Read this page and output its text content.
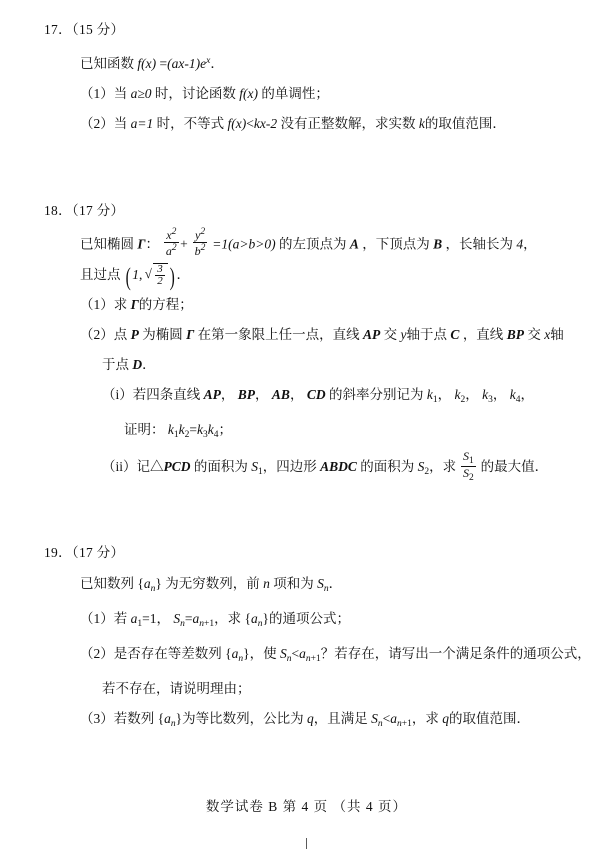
17．（15 分）
已知函数 $f(x) =(ax-1)e^x$．
（1）当 a≥0 时，讨论函数 f(x) 的单调性；
（2）当 a=1 时，不等式 f(x)<kx-2 没有正整数解，求实数 k的取值范围．
18．（17 分）
已知椭圆 Γ： $\frac{x^2}{a^2} + \frac{y^2}{b^2} =1(a>b>0)$ 的左顶点为 A ，下顶点为 B ，长轴长为 4，
且过点 ( 1, √ $\frac{3}{2}$ ) ．
（1）求 Γ的方程；
（2）点 P 为椭圆 Γ 在第一象限上任一点，直线 AP 交 y轴于点 C ，直线 BP 交 x轴
于点 D．
（i）若四条直线 AP， BP， AB， CD 的斜率分别记为 $k_1$， $k_2$， $k_3$， $k_4$，
证明： $k_1k_2=k_3k_4$；
（ii）记△PCD 的面积为 $S_1$，四边形 ABDC 的面积为 $S_2$，求 $\frac{S_1}{S_2}$ 的最大值．
19．（17 分）
已知数列 $\{a_n\}$ 为无穷数列，前 n 项和为 $S_n$．
（1）若 $a_1=1$， $S_n=a_{n+1}$，求 $\{a_n\}$的通项公式；
（2）是否存在等差数列 $\{a_n\}$，使 $S_n<a_{n+1}$？若存在，请写出一个满足条件的通项公式，
若不存在，请说明理由；
（3）若数列 $\{a_n\}$为等比数列，公比为 q，且满足 $S_n<a_{n+1}$，求 q的取值范围．
数学试卷 B 第 4 页 （共 4 页）
